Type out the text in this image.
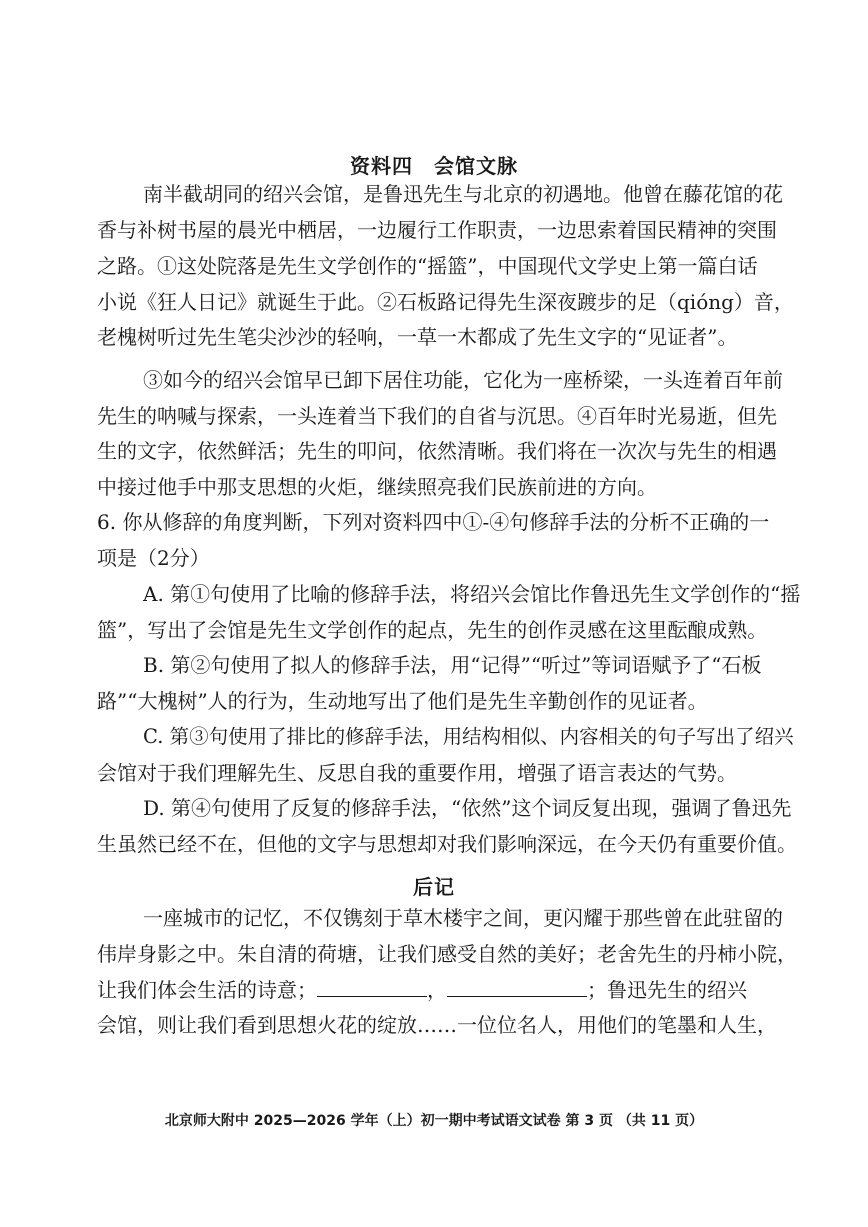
资料四　会馆文脉
南半截胡同的绍兴会馆，是鲁迅先生与北京的初遇地。他曾在藤花馆的花
香与补树书屋的晨光中栖居，一边履行工作职责，一边思索着国民精神的突围
之路。①这处院落是先生文学创作的“摇篮”，中国现代文学史上第一篇白话
小说《狂人日记》就诞生于此。②石板路记得先生深夜踱步的足（qióng）音，
老槐树听过先生笔尖沙沙的轻响，一草一木都成了先生文字的“见证者”。
③如今的绍兴会馆早已卸下居住功能，它化为一座桥梁，一头连着百年前
先生的呐喊与探索，一头连着当下我们的自省与沉思。④百年时光易逝，但先
生的文字，依然鲜活；先生的叩问，依然清晰。我们将在一次次与先生的相遇
中接过他手中那支思想的火炬，继续照亮我们民族前进的方向。
6. 你从修辞的角度判断，下列对资料四中①-④句修辞手法的分析不正确的一
项是（2分）
A. 第①句使用了比喻的修辞手法，将绍兴会馆比作鲁迅先生文学创作的“摇
篮”，写出了会馆是先生文学创作的起点，先生的创作灵感在这里酝酿成熟。
B. 第②句使用了拟人的修辞手法，用“记得”“听过”等词语赋予了“石板
路”“大槐树”人的行为，生动地写出了他们是先生辛勤创作的见证者。
C. 第③句使用了排比的修辞手法，用结构相似、内容相关的句子写出了绍兴
会馆对于我们理解先生、反思自我的重要作用，增强了语言表达的气势。
D. 第④句使用了反复的修辞手法，“依然”这个词反复出现，强调了鲁迅先
生虽然已经不在，但他的文字与思想却对我们影响深远，在今天仍有重要价值。
后记
一座城市的记忆，不仅镌刻于草木楼宇之间，更闪耀于那些曾在此驻留的
伟岸身影之中。朱自清的荷塘，让我们感受自然的美好；老舍先生的丹柿小院，
让我们体会生活的诗意；	，	；鲁迅先生的绍兴
会馆，则让我们看到思想火花的绽放……一位位名人，用他们的笔墨和人生，
北京师大附中 2025—2026 学年（上）初一期中考试语文试卷 第 3 页 （共 11 页）
